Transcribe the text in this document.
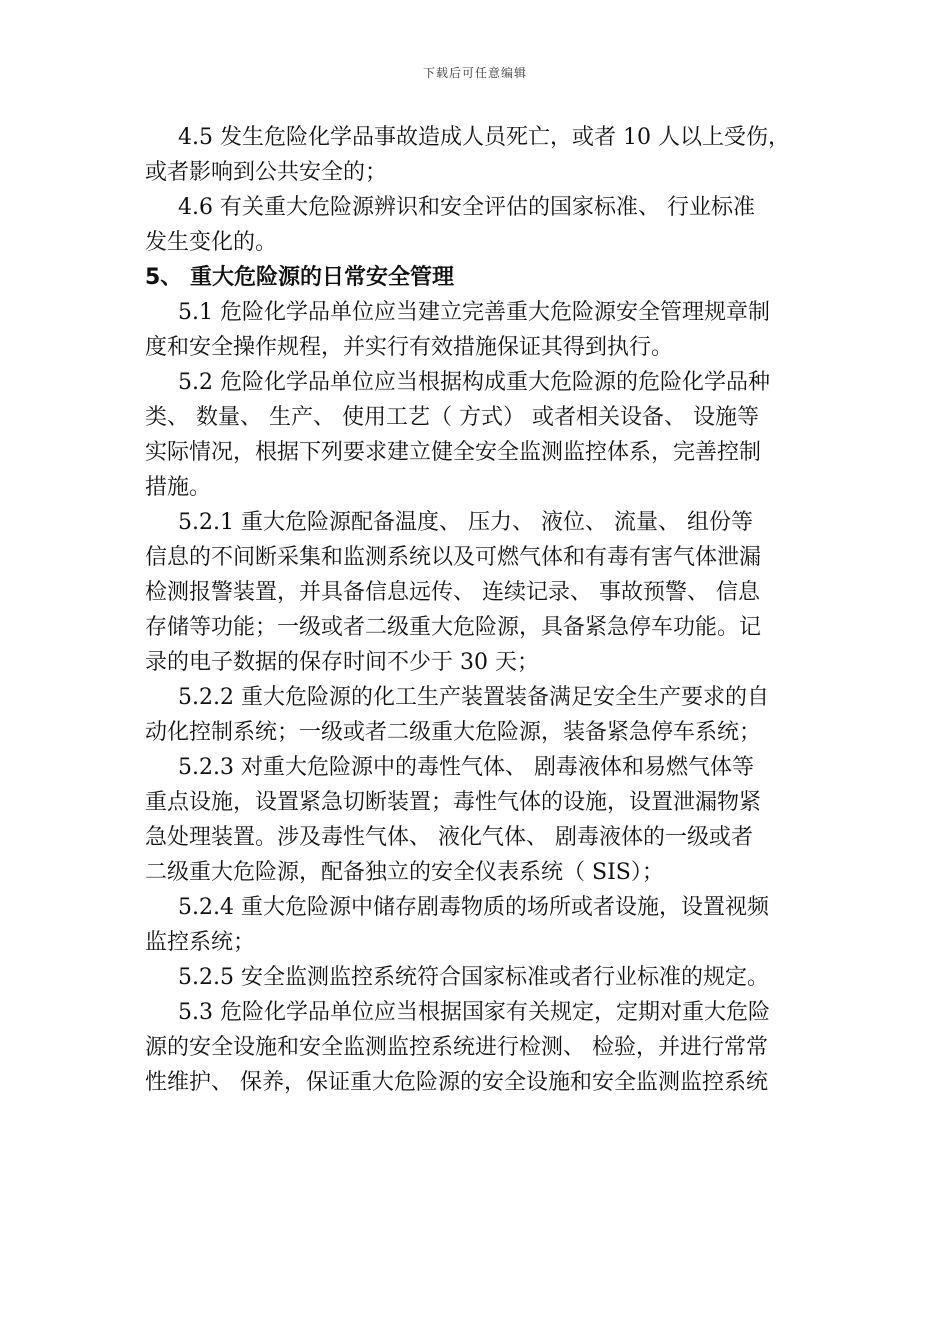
下载后可任意编辑
4.5 发生危险化学品事故造成人员死亡，或者 10 人以上受伤，
或者影响到公共安全的；
4.6 有关重大危险源辨识和安全评估的国家标准、 行业标准
发生变化的。
5、 重大危险源的日常安全管理
5.1 危险化学品单位应当建立完善重大危险源安全管理规章制
度和安全操作规程，并实行有效措施保证其得到执行。
5.2 危险化学品单位应当根据构成重大危险源的危险化学品种
类、 数量、 生产、 使用工艺（ 方式） 或者相关设备、 设施等
实际情况，根据下列要求建立健全安全监测监控体系，完善控制
措施。
5.2.1 重大危险源配备温度、 压力、 液位、 流量、 组份等
信息的不间断采集和监测系统以及可燃气体和有毒有害气体泄漏
检测报警装置，并具备信息远传、 连续记录、 事故预警、 信息
存储等功能；一级或者二级重大危险源，具备紧急停车功能。记
录的电子数据的保存时间不少于 30 天；
5.2.2 重大危险源的化工生产装置装备满足安全生产要求的自
动化控制系统；一级或者二级重大危险源，装备紧急停车系统；
5.2.3 对重大危险源中的毒性气体、 剧毒液体和易燃气体等
重点设施，设置紧急切断装置；毒性气体的设施，设置泄漏物紧
急处理装置。涉及毒性气体、 液化气体、 剧毒液体的一级或者
二级重大危险源，配备独立的安全仪表系统（ SIS）；
5.2.4 重大危险源中储存剧毒物质的场所或者设施，设置视频
监控系统；
5.2.5 安全监测监控系统符合国家标准或者行业标准的规定。
5.3 危险化学品单位应当根据国家有关规定，定期对重大危险
源的安全设施和安全监测监控系统进行检测、 检验，并进行常常
性维护、 保养，保证重大危险源的安全设施和安全监测监控系统
